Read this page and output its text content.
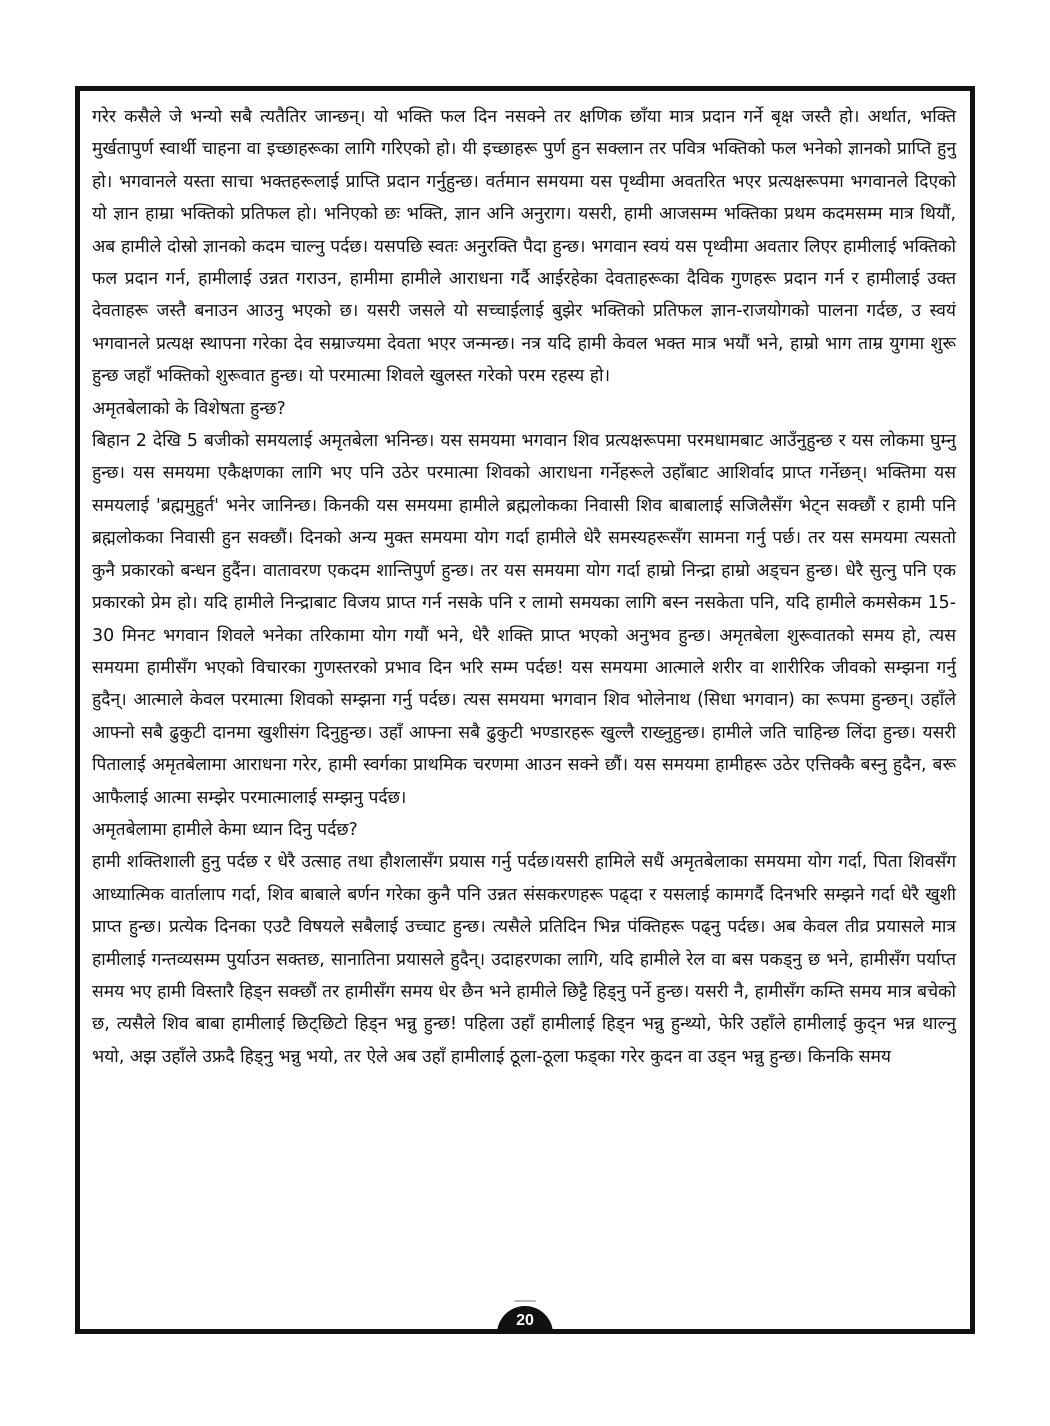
गरेर कसैले जे भन्यो सबै त्यतैतिर जान्छन्। यो भक्ति फल दिन नसक्ने तर क्षणिक छाँया मात्र प्रदान गर्ने बृक्ष जस्तै हो। अर्थात, भक्ति मुर्खतापुर्ण स्वार्थी चाहना वा इच्छाहरूका लागि गरिएको हो। यी इच्छाहरू पुर्ण हुन सक्लान तर पवित्र भक्तिको फल भनेको ज्ञानको प्राप्ति हुनु हो। भगवानले यस्ता साचा भक्तहरूलाई प्राप्ति प्रदान गर्नुहुन्छ। वर्तमान समयमा यस पृथ्वीमा अवतरित भएर प्रत्यक्षरूपमा भगवानले दिएको यो ज्ञान हाम्रा भक्तिको प्रतिफल हो। भनिएको छः भक्ति, ज्ञान अनि अनुराग। यसरी, हामी आजसम्म भक्तिका प्रथम कदमसम्म मात्र थियौं, अब हामीले दोस्रो ज्ञानको कदम चाल्नु पर्दछ। यसपछि स्वतः अनुरक्ति पैदा हुन्छ। भगवान स्वयं यस पृथ्वीमा अवतार लिएर हामीलाई भक्तिको फल प्रदान गर्न, हामीलाई उन्नत गराउन, हामीमा हामीले आराधना गर्दै आईरहेका देवताहरूका दैविक गुणहरू प्रदान गर्न र हामीलाई उक्त देवताहरू जस्तै बनाउन आउनु भएको छ। यसरी जसले यो सच्चाईलाई बुझेर भक्तिको प्रतिफल ज्ञान-राजयोगको पालना गर्दछ, उ स्वयं भगवानले प्रत्यक्ष स्थापना गरेका देव सम्राज्यमा देवता भएर जन्मन्छ। नत्र यदि हामी केवल भक्त मात्र भयौं भने, हाम्रो भाग ताम्र युगमा शुरू हुन्छ जहाँ भक्तिको शुरूवात हुन्छ। यो परमात्मा शिवले खुलस्त गरेको परम रहस्य हो।

अमृतबेलाको के विशेषता हुन्छ?

बिहान 2 देखि 5 बजीको समयलाई अमृतबेला भनिन्छ। यस समयमा भगवान शिव प्रत्यक्षरूपमा परमधामबाट आउँनुहुन्छ र यस लोकमा घुम्नु हुन्छ। यस समयमा एकैक्षणका लागि भए पनि उठेर परमात्मा शिवको आराधना गर्नेहरूले उहाँबाट आशिर्वाद प्राप्त गर्नेछन्। भक्तिमा यस समयलाई 'ब्रह्ममुहुर्त' भनेर जानिन्छ। किनकी यस समयमा हामीले ब्रह्मलोकका निवासी शिव बाबालाई सजिलैसँग भेट्न सक्छौं र हामी पनि ब्रह्मलोकका निवासी हुन सक्छौं। दिनको अन्य मुक्त समयमा योग गर्दा हामीले धेरै समस्यहरूसँग सामना गर्नु पर्छ। तर यस समयमा त्यसतो कुनै प्रकारको बन्धन हुदैंन। वातावरण एकदम शान्तिपुर्ण हुन्छ। तर यस समयमा योग गर्दा हाम्रो निन्द्रा हाम्रो अड्चन हुन्छ। धेरै सुत्नु पनि एक प्रकारको प्रेम हो। यदि हामीले निन्द्राबाट विजय प्राप्त गर्न नसके पनि र लामो समयका लागि बस्न नसकेता पनि, यदि हामीले कमसेकम 15-30 मिनट भगवान शिवले भनेका तरिकामा योग गयौं भने, धेरै शक्ति प्राप्त भएको अनुभव हुन्छ। अमृतबेला शुरूवातको समय हो, त्यस समयमा हामीसँग भएको विचारका गुणस्तरको प्रभाव दिन भरि सम्म पर्दछ! यस समयमा आत्माले शरीर वा शारीरिक जीवको सम्झना गर्नु हुदैन्। आत्माले केवल परमात्मा शिवको सम्झना गर्नु पर्दछ। त्यस समयमा भगवान शिव भोलेनाथ (सिधा भगवान) का रूपमा हुन्छन्। उहाँले आफ्नो सबै ढुकुटी दानमा खुशीसंग दिनुहुन्छ। उहाँ आफ्ना सबै ढुकुटी भण्डारहरू खुल्लै राख्नुहुन्छ। हामीले जति चाहिन्छ लिंदा हुन्छ। यसरी पितालाई अमृतबेलामा आराधना गरेर, हामी स्वर्गका प्राथमिक चरणमा आउन सक्ने छौं। यस समयमा हामीहरू उठेर एत्तिक्कै बस्नु हुदैन, बरू आफैलाई आत्मा सम्झेर परमात्मालाई सम्झनु पर्दछ।

अमृतबेलामा हामीले केमा ध्यान दिनु पर्दछ?

हामी शक्तिशाली हुनु पर्दछ र धेरै उत्साह तथा हौशलासँग प्रयास गर्नु पर्दछ।यसरी हामिले सधैं अमृतबेलाका समयमा योग गर्दा, पिता शिवसँग आध्यात्मिक वार्तालाप गर्दा, शिव बाबाले बर्णन गरेका कुनै पनि उन्नत संसकरणहरू पढ्दा र यसलाई कामगर्दै दिनभरि सम्झने गर्दा धेरै खुशी प्राप्त हुन्छ। प्रत्येक दिनका एउटै विषयले सबैलाई उच्चाट हुन्छ। त्यसैले प्रतिदिन भिन्न पंक्तिहरू पढ्नु पर्दछ। अब केवल तीव्र प्रयासले मात्र हामीलाई गन्तव्यसम्म पुर्याउन सक्तछ, सानातिना प्रयासले हुदैन्। उदाहरणका लागि, यदि हामीले रेल वा बस पकड्नु छ भने, हामीसँग पर्याप्त समय भए हामी विस्तारै हिड्न सक्छौं तर हामीसँग समय धेर छैन भने हामीले छिट्टै हिड्नु पर्ने हुन्छ। यसरी नै, हामीसँग कम्ति समय मात्र बचेको छ, त्यसैले शिव बाबा हामीलाई छिट्छिटो हिड्न भन्नु हुन्छ! पहिला उहाँ हामीलाई हिड्न भन्नु हुन्थ्यो, फेरि उहाँले हामीलाई कुद्न भन्न थाल्नु भयो, अझ उहाँले उफ्रदै हिड्नु भन्नु भयो, तर ऐले अब उहाँ हामीलाई ठूला-ठूला फड्का गरेर कुदन वा उड्न भन्नु हुन्छ। किनकि समय

20
